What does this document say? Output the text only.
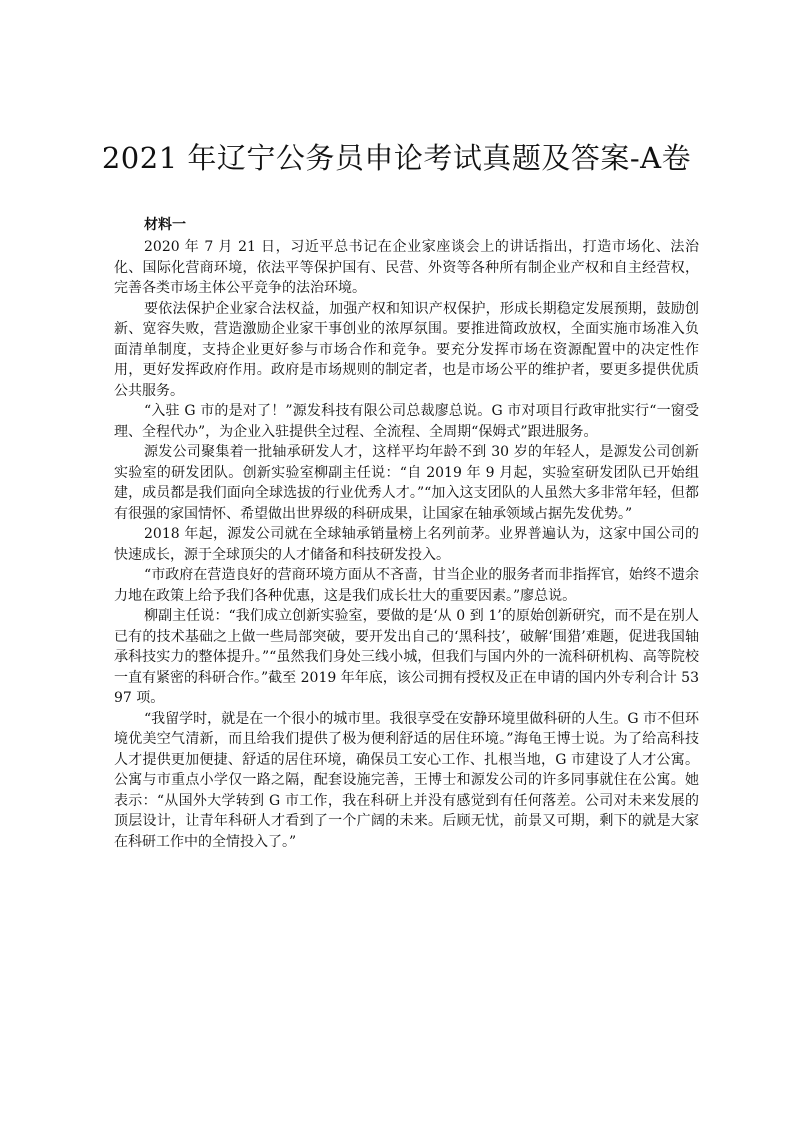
2021 年辽宁公务员申论考试真题及答案-A卷
材料一

2020 年 7 月 21 日，习近平总书记在企业家座谈会上的讲话指出，打造市场化、法治化、国际化营商环境，依法平等保护国有、民营、外资等各种所有制企业产权和自主经营权，完善各类市场主体公平竞争的法治环境。

要依法保护企业家合法权益，加强产权和知识产权保护，形成长期稳定发展预期，鼓励创新、宽容失败，营造激励企业家干事创业的浓厚氛围。要推进简政放权，全面实施市场准入负面清单制度，支持企业更好参与市场合作和竞争。要充分发挥市场在资源配置中的决定性作用，更好发挥政府作用。政府是市场规则的制定者，也是市场公平的维护者，要更多提供优质公共服务。

“入驻 G 市的是对了！”源发科技有限公司总裁廖总说。G 市对项目行政审批实行“一窗受理、全程代办”，为企业入驻提供全过程、全流程、全周期“保姆式”跟进服务。

源发公司聚集着一批轴承研发人才，这样平均年龄不到 30 岁的年轻人，是源发公司创新实验室的研发团队。创新实验室柳副主任说：“自 2019 年 9 月起，实验室研发团队已开始组建，成员都是我们面向全球选拔的行业优秀人才。”“加入这支团队的人虽然大多非常年轻，但都有很强的家国情怀、希望做出世界级的科研成果，让国家在轴承领域占据先发优势。”

2018 年起，源发公司就在全球轴承销量榜上名列前茅。业界普遍认为，这家中国公司的快速成长，源于全球顶尖的人才储备和科技研发投入。

“市政府在营造良好的营商环境方面从不吝啬，甘当企业的服务者而非指挥官，始终不遗余力地在政策上给予我们各种优惠，这是我们成长壮大的重要因素。”廖总说。

柳副主任说：“我们成立创新实验室，要做的是‘从 0 到 1’的原始创新研究，而不是在别人已有的技术基础之上做一些局部突破，要开发出自己的‘黑科技’，破解‘围猎’难题，促进我国轴承科技实力的整体提升。”“虽然我们身处三线小城，但我们与国内外的一流科研机构、高等院校一直有紧密的科研合作。”截至 2019 年年底，该公司拥有授权及正在申请的国内外专利合计 5397 项。

“我留学时，就是在一个很小的城市里。我很享受在安静环境里做科研的人生。G 市不但环境优美空气清新，而且给我们提供了极为便利舒适的居住环境。”海龟王博士说。为了给高科技人才提供更加便捷、舒适的居住环境，确保员工安心工作、扎根当地，G 市建设了人才公寓。公寓与市重点小学仅一路之隔，配套设施完善，王博士和源发公司的许多同事就住在公寓。她表示：“从国外大学转到 G 市工作，我在科研上并没有感觉到有任何落差。公司对未来发展的顶层设计，让青年科研人才看到了一个广阔的未来。后顾无忧，前景又可期，剩下的就是大家在科研工作中的全情投入了。”
